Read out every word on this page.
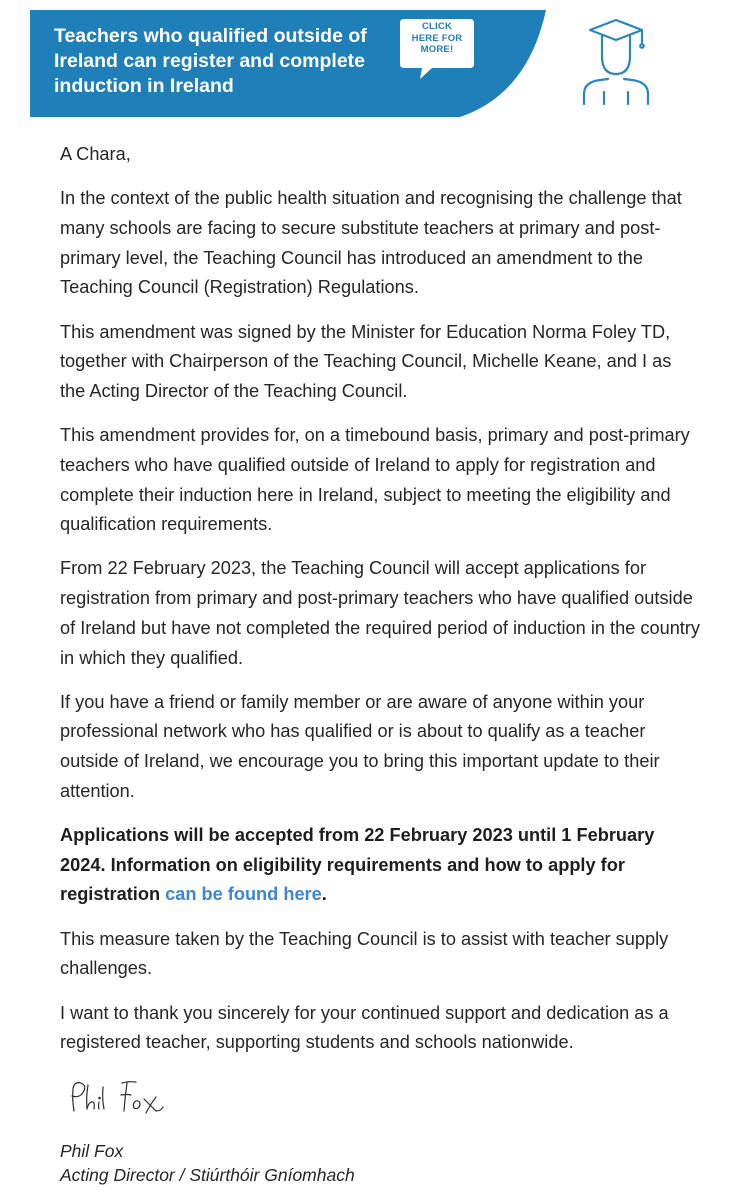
Teachers who qualified outside of Ireland can register and complete induction in Ireland

CLICK
HERE FOR
MORE!

A Chara,

In the context of the public health situation and recognising the challenge that many schools are facing to secure substitute teachers at primary and post-primary level, the Teaching Council has introduced an amendment to the Teaching Council (Registration) Regulations.

This amendment was signed by the Minister for Education Norma Foley TD, together with Chairperson of the Teaching Council, Michelle Keane, and I as the Acting Director of the Teaching Council.

This amendment provides for, on a timebound basis, primary and post-primary teachers who have qualified outside of Ireland to apply for registration and complete their induction here in Ireland, subject to meeting the eligibility and qualification requirements.

From 22 February 2023, the Teaching Council will accept applications for registration from primary and post-primary teachers who have qualified outside of Ireland but have not completed the required period of induction in the country in which they qualified.

If you have a friend or family member or are aware of anyone within your professional network who has qualified or is about to qualify as a teacher outside of Ireland, we encourage you to bring this important update to their attention.

Applications will be accepted from 22 February 2023 until 1 February 2024. Information on eligibility requirements and how to apply for registration can be found here.

This measure taken by the Teaching Council is to assist with teacher supply challenges.

I want to thank you sincerely for your continued support and dedication as a registered teacher, supporting students and schools nationwide.

Phil Fox
Acting Director / Stiúrthóir Gníomhach
